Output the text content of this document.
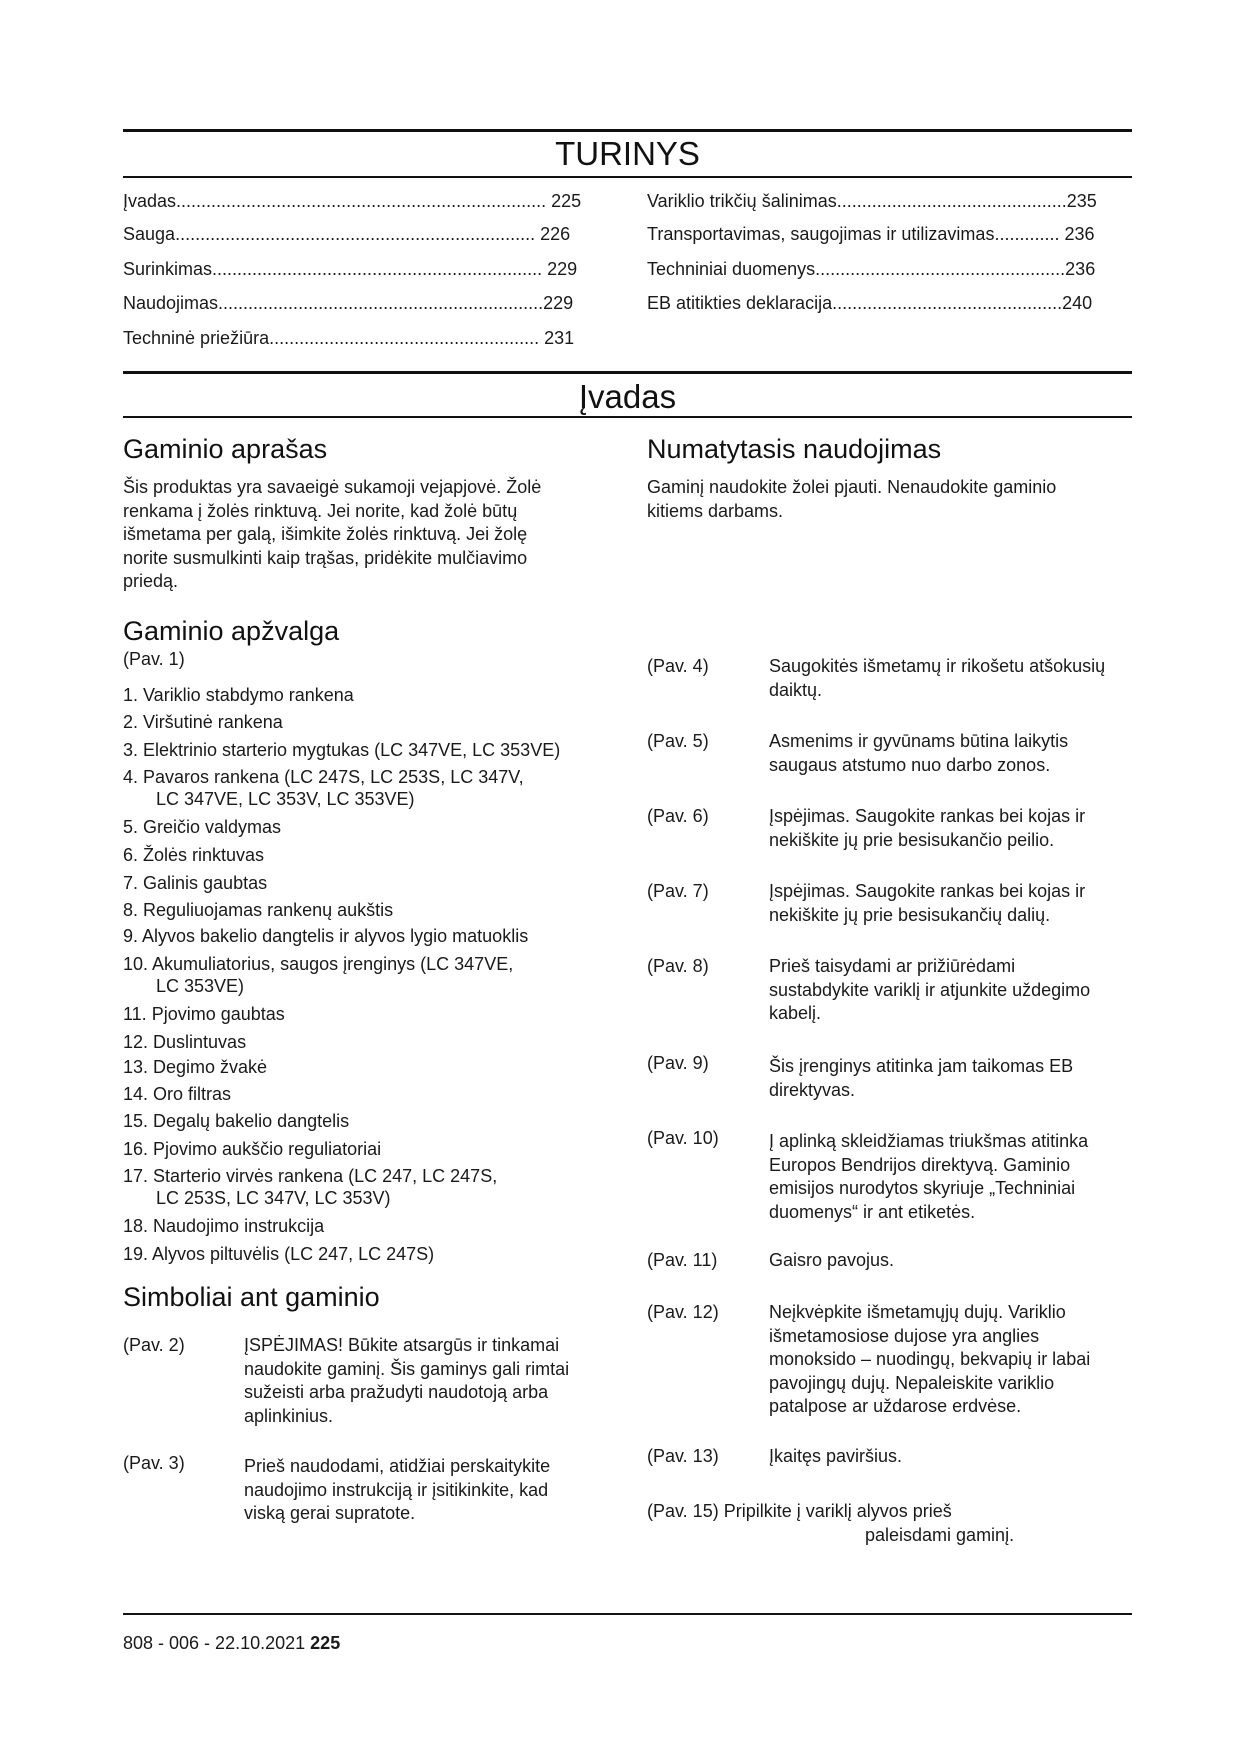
TURINYS
Įvadas.......................................................................... 225
Sauga........................................................................ 226
Surinkimas.................................................................. 229
Naudojimas.................................................................229
Techninė priežiūra...................................................... 231
Variklio trikčių šalinimas..............................................235
Transportavimas, saugojimas ir utilizavimas............. 236
Techniniai duomenys..................................................236
EB atitikties deklaracija..............................................240
Įvadas
Gaminio aprašas
Šis produktas yra savaeigė sukamoji vejapjovė. Žolė
renkama į žolės rinktuvą. Jei norite, kad žolė būtų
išmetama per galą, išimkite žolės rinktuvą. Jei žolę
norite susmulkinti kaip trąšas, pridėkite mulčiavimo
priedą.
Numatytasis naudojimas
Gaminį naudokite žolei pjauti. Nenaudokite gaminio
kitiems darbams.
Gaminio apžvalga
(Pav. 1)
1. Variklio stabdymo rankena
2. Viršutinė rankena
3. Elektrinio starterio mygtukas (LC 347VE, LC 353VE)
4. Pavaros rankena (LC 247S, LC 253S, LC 347V,
LC 347VE, LC 353V, LC 353VE)
5. Greičio valdymas
6. Žolės rinktuvas
7. Galinis gaubtas
8. Reguliuojamas rankenų aukštis
9. Alyvos bakelio dangtelis ir alyvos lygio matuoklis
10. Akumuliatorius, saugos įrenginys (LC 347VE,
LC 353VE)
11. Pjovimo gaubtas
12. Duslintuvas
13. Degimo žvakė
14. Oro filtras
15. Degalų bakelio dangtelis
16. Pjovimo aukščio reguliatoriai
17. Starterio virvės rankena (LC 247, LC 247S,
LC 253S, LC 347V, LC 353V)
18. Naudojimo instrukcija
19. Alyvos piltuvėlis (LC 247, LC 247S)
Simboliai ant gaminio
(Pav. 2)	ĮSPĖJIMAS! Būkite atsargūs ir tinkamai
naudokite gaminį. Šis gaminys gali rimtai
sužeisti arba pražudyti naudotoją arba
aplinkinius.
(Pav. 3)	Prieš naudodami, atidžiai perskaitykite
naudojimo instrukciją ir įsitikinkite, kad
viską gerai supratote.
(Pav. 4)	Saugokitės išmetamų ir rikošetu atšokusių
daiktų.
(Pav. 5)	Asmenims ir gyvūnams būtina laikytis
saugaus atstumo nuo darbo zonos.
(Pav. 6)	Įspėjimas. Saugokite rankas bei kojas ir
nekiškite jų prie besisukančio peilio.
(Pav. 7)	Įspėjimas. Saugokite rankas bei kojas ir
nekiškite jų prie besisukančių dalių.
(Pav. 8)	Prieš taisydami ar prižiūrėdami
sustabdykite variklį ir atjunkite uždegimo
kabelį.
(Pav. 9)	Šis įrenginys atitinka jam taikomas EB
direktyvas.
(Pav. 10)	Į aplinką skleidžiamas triukšmas atitinka
Europos Bendrijos direktyvą. Gaminio
emisijos nurodytos skyriuje „Techniniai
duomenys“ ir ant etiketės.
(Pav. 11)	Gaisro pavojus.
(Pav. 12)	Neįkvėpkite išmetamųjų dujų. Variklio
išmetamosiose dujose yra anglies
monoksido – nuodingų, bekvapių ir labai
pavojingų dujų. Nepaleiskite variklio
patalpose ar uždarose erdvėse.
(Pav. 13)	Įkaitęs paviršius.
(Pav. 15) Pripilkite į variklį alyvos prieš
paleisdami gaminį.
808 - 006 - 22.10.2021 225
